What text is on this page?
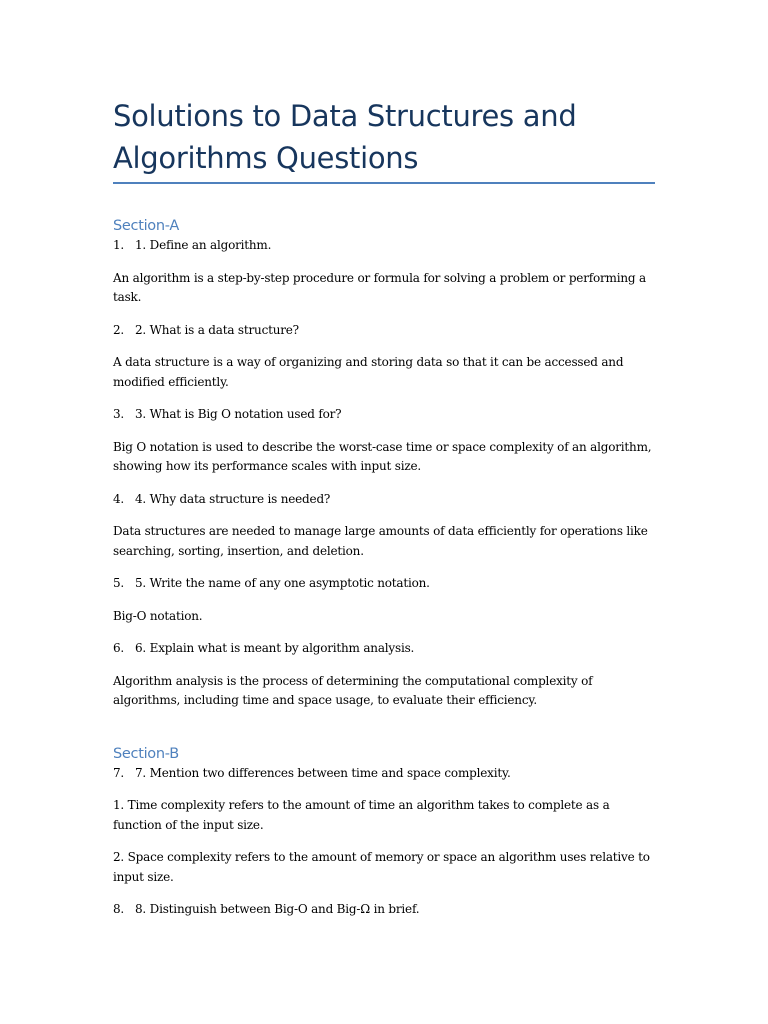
Solutions to Data Structures and Algorithms Questions
Section-A

1. 1. Define an algorithm.

An algorithm is a step-by-step procedure or formula for solving a problem or performing a task.

2. 2. What is a data structure?

A data structure is a way of organizing and storing data so that it can be accessed and modified efficiently.

3. 3. What is Big O notation used for?

Big O notation is used to describe the worst-case time or space complexity of an algorithm, showing how its performance scales with input size.

4. 4. Why data structure is needed?

Data structures are needed to manage large amounts of data efficiently for operations like searching, sorting, insertion, and deletion.

5. 5. Write the name of any one asymptotic notation.

Big-O notation.

6. 6. Explain what is meant by algorithm analysis.

Algorithm analysis is the process of determining the computational complexity of algorithms, including time and space usage, to evaluate their efficiency.

Section-B

7. 7. Mention two differences between time and space complexity.

1. Time complexity refers to the amount of time an algorithm takes to complete as a function of the input size.

2. Space complexity refers to the amount of memory or space an algorithm uses relative to input size.

8. 8. Distinguish between Big-O and Big-Ω in brief.
